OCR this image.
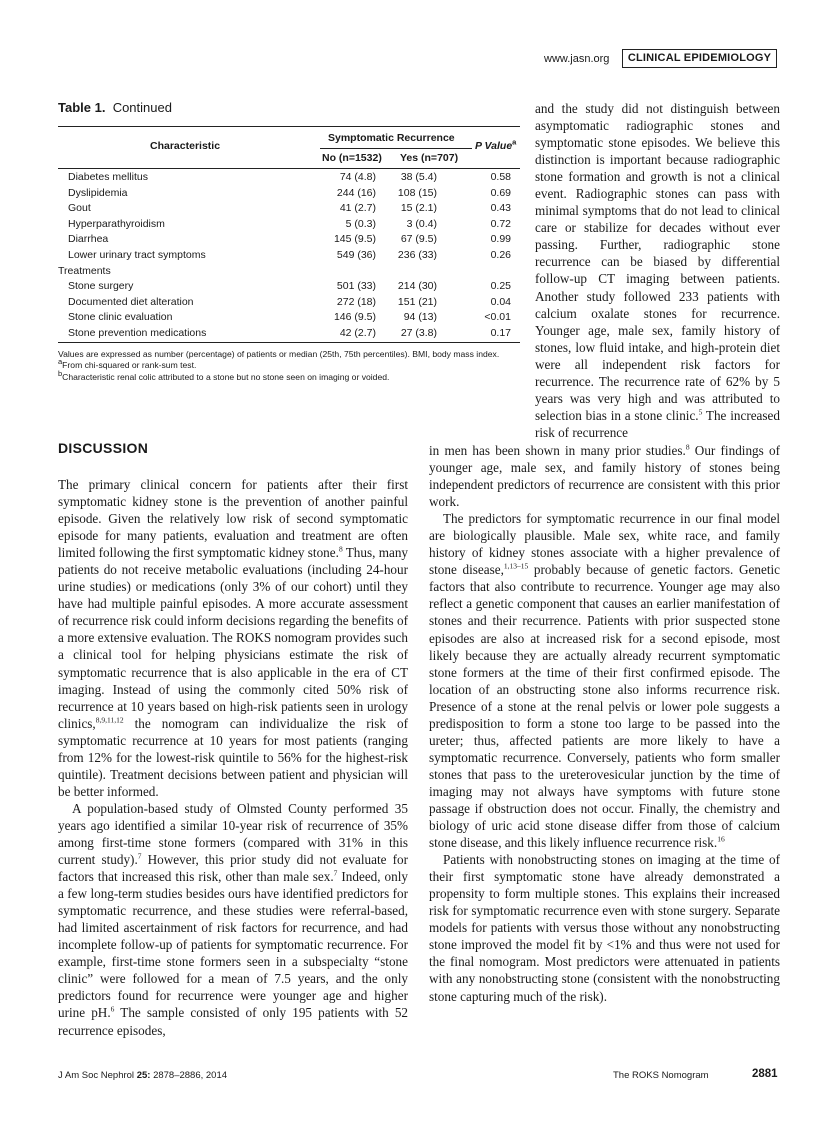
www.jasn.org	CLINICAL EPIDEMIOLOGY
Table 1. Continued
Characteristic
Symptomatic Recurrence
No (n=1532) Yes (n=707)
P Value$^a$
Diabetes mellitus	74 (4.8) 38 (5.4)	0.58
Dyslipidemia	244 (16) 108 (15)	0.69
Gout	41 (2.7) 15 (2.1)	0.43
Hyperparathyroidism	5 (0.3)	3 (0.4)	0.72
Diarrhea	145 (9.5) 67 (9.5)	0.99
Lower urinary tract symptoms	549 (36) 236 (33)	0.26
Treatments
Stone surgery	501 (33) 214 (30)	0.25
Documented diet alteration	272 (18) 151 (21)	0.04
Stone clinic evaluation	146 (9.5)	94 (13)	<0.01
Stone prevention medications	42 (2.7) 27 (3.8)	0.17
Values are expressed as number (percentage) of patients or median (25th, 75th percentiles). BMI, body mass index.
$^a$From chi-squared or rank-sum test.
$^b$Characteristic renal colic attributed to a stone but no stone seen on imaging or voided.

and the study did not distinguish between asymptomatic radiographic stones and symptomatic stone episodes. We believe this distinction is important because radiographic stone formation and growth is not a clinical event. Radiographic stones can pass with minimal symptoms that do not lead to clinical care or stabilize for decades without ever passing. Further, radiographic stone recurrence can be biased by differential follow-up CT imaging between patients. Another study followed 233 patients with calcium oxalate stones for recurrence. Younger age, male sex, family history of stones, low fluid intake, and high-protein diet were all independent risk factors for recurrence. The recurrence rate of 62% by 5 years was very high and was attributed to selection bias in a stone clinic.$^5$ The increased risk of recurrence

DISCUSSION

The primary clinical concern for patients after their first symptomatic kidney stone is the prevention of another painful episode. Given the relatively low risk of second symptomatic episode for many patients, evaluation and treatment are often limited following the first symptomatic kidney stone.$^8$ Thus, many patients do not receive metabolic evaluations (including 24-hour urine studies) or medications (only 3% of our cohort) until they have had multiple painful episodes. A more accurate assessment of recurrence risk could inform decisions regarding the benefits of a more extensive evaluation. The ROKS nomogram provides such a clinical tool for helping physicians estimate the risk of symptomatic recurrence that is also applicable in the era of CT imaging. Instead of using the commonly cited 50% risk of recurrence at 10 years based on high-risk patients seen in urology clinics,$^{8,9,11,12}$ the nomogram can individualize the risk of symptomatic recurrence at 10 years for most patients (ranging from 12% for the lowest-risk quintile to 56% for the highest-risk quintile). Treatment decisions between patient and physician will be better informed.

A population-based study of Olmsted County performed 35 years ago identified a similar 10-year risk of recurrence of 35% among first-time stone formers (compared with 31% in this current study).$^7$ However, this prior study did not evaluate for factors that increased this risk, other than male sex.$^7$ Indeed, only a few long-term studies besides ours have identified predictors for symptomatic recurrence, and these studies were referral-based, had limited ascertainment of risk factors for recurrence, and had incomplete follow-up of patients for symptomatic recurrence. For example, first-time stone formers seen in a subspecialty “stone clinic” were followed for a mean of 7.5 years, and the only predictors found for recurrence were younger age and higher urine pH.$^6$ The sample consisted of only 195 patients with 52 recurrence episodes,

in men has been shown in many prior studies.$^8$ Our findings of younger age, male sex, and family history of stones being independent predictors of recurrence are consistent with this prior work.

The predictors for symptomatic recurrence in our final model are biologically plausible. Male sex, white race, and family history of kidney stones associate with a higher prevalence of stone disease,$^{1,13-15}$ probably because of genetic factors. Genetic factors that also contribute to recurrence. Younger age may also reflect a genetic component that causes an earlier manifestation of stones and their recurrence. Patients with prior suspected stone episodes are also at increased risk for a second episode, most likely because they are actually already recurrent symptomatic stone formers at the time of their first confirmed episode. The location of an obstructing stone also informs recurrence risk. Presence of a stone at the renal pelvis or lower pole suggests a predisposition to form a stone too large to be passed into the ureter; thus, affected patients are more likely to have a symptomatic recurrence. Conversely, patients who form smaller stones that pass to the ureterovesicular junction by the time of imaging may not always have symptoms with future stone passage if obstruction does not occur. Finally, the chemistry and biology of uric acid stone disease differ from those of calcium stone disease, and this likely influence recurrence risk.$^{16}$

Patients with nonobstructing stones on imaging at the time of their first symptomatic stone have already demonstrated a propensity to form multiple stones. This explains their increased risk for symptomatic recurrence even with stone surgery. Separate models for patients with versus those without any nonobstructing stone improved the model fit by <1% and thus were not used for the final nomogram. Most predictors were attenuated in patients with any nonobstructing stone (consistent with the nonobstructing stone capturing much of the risk).

J Am Soc Nephrol 25: 2878–2886, 2014	The ROKS Nomogram	2881
